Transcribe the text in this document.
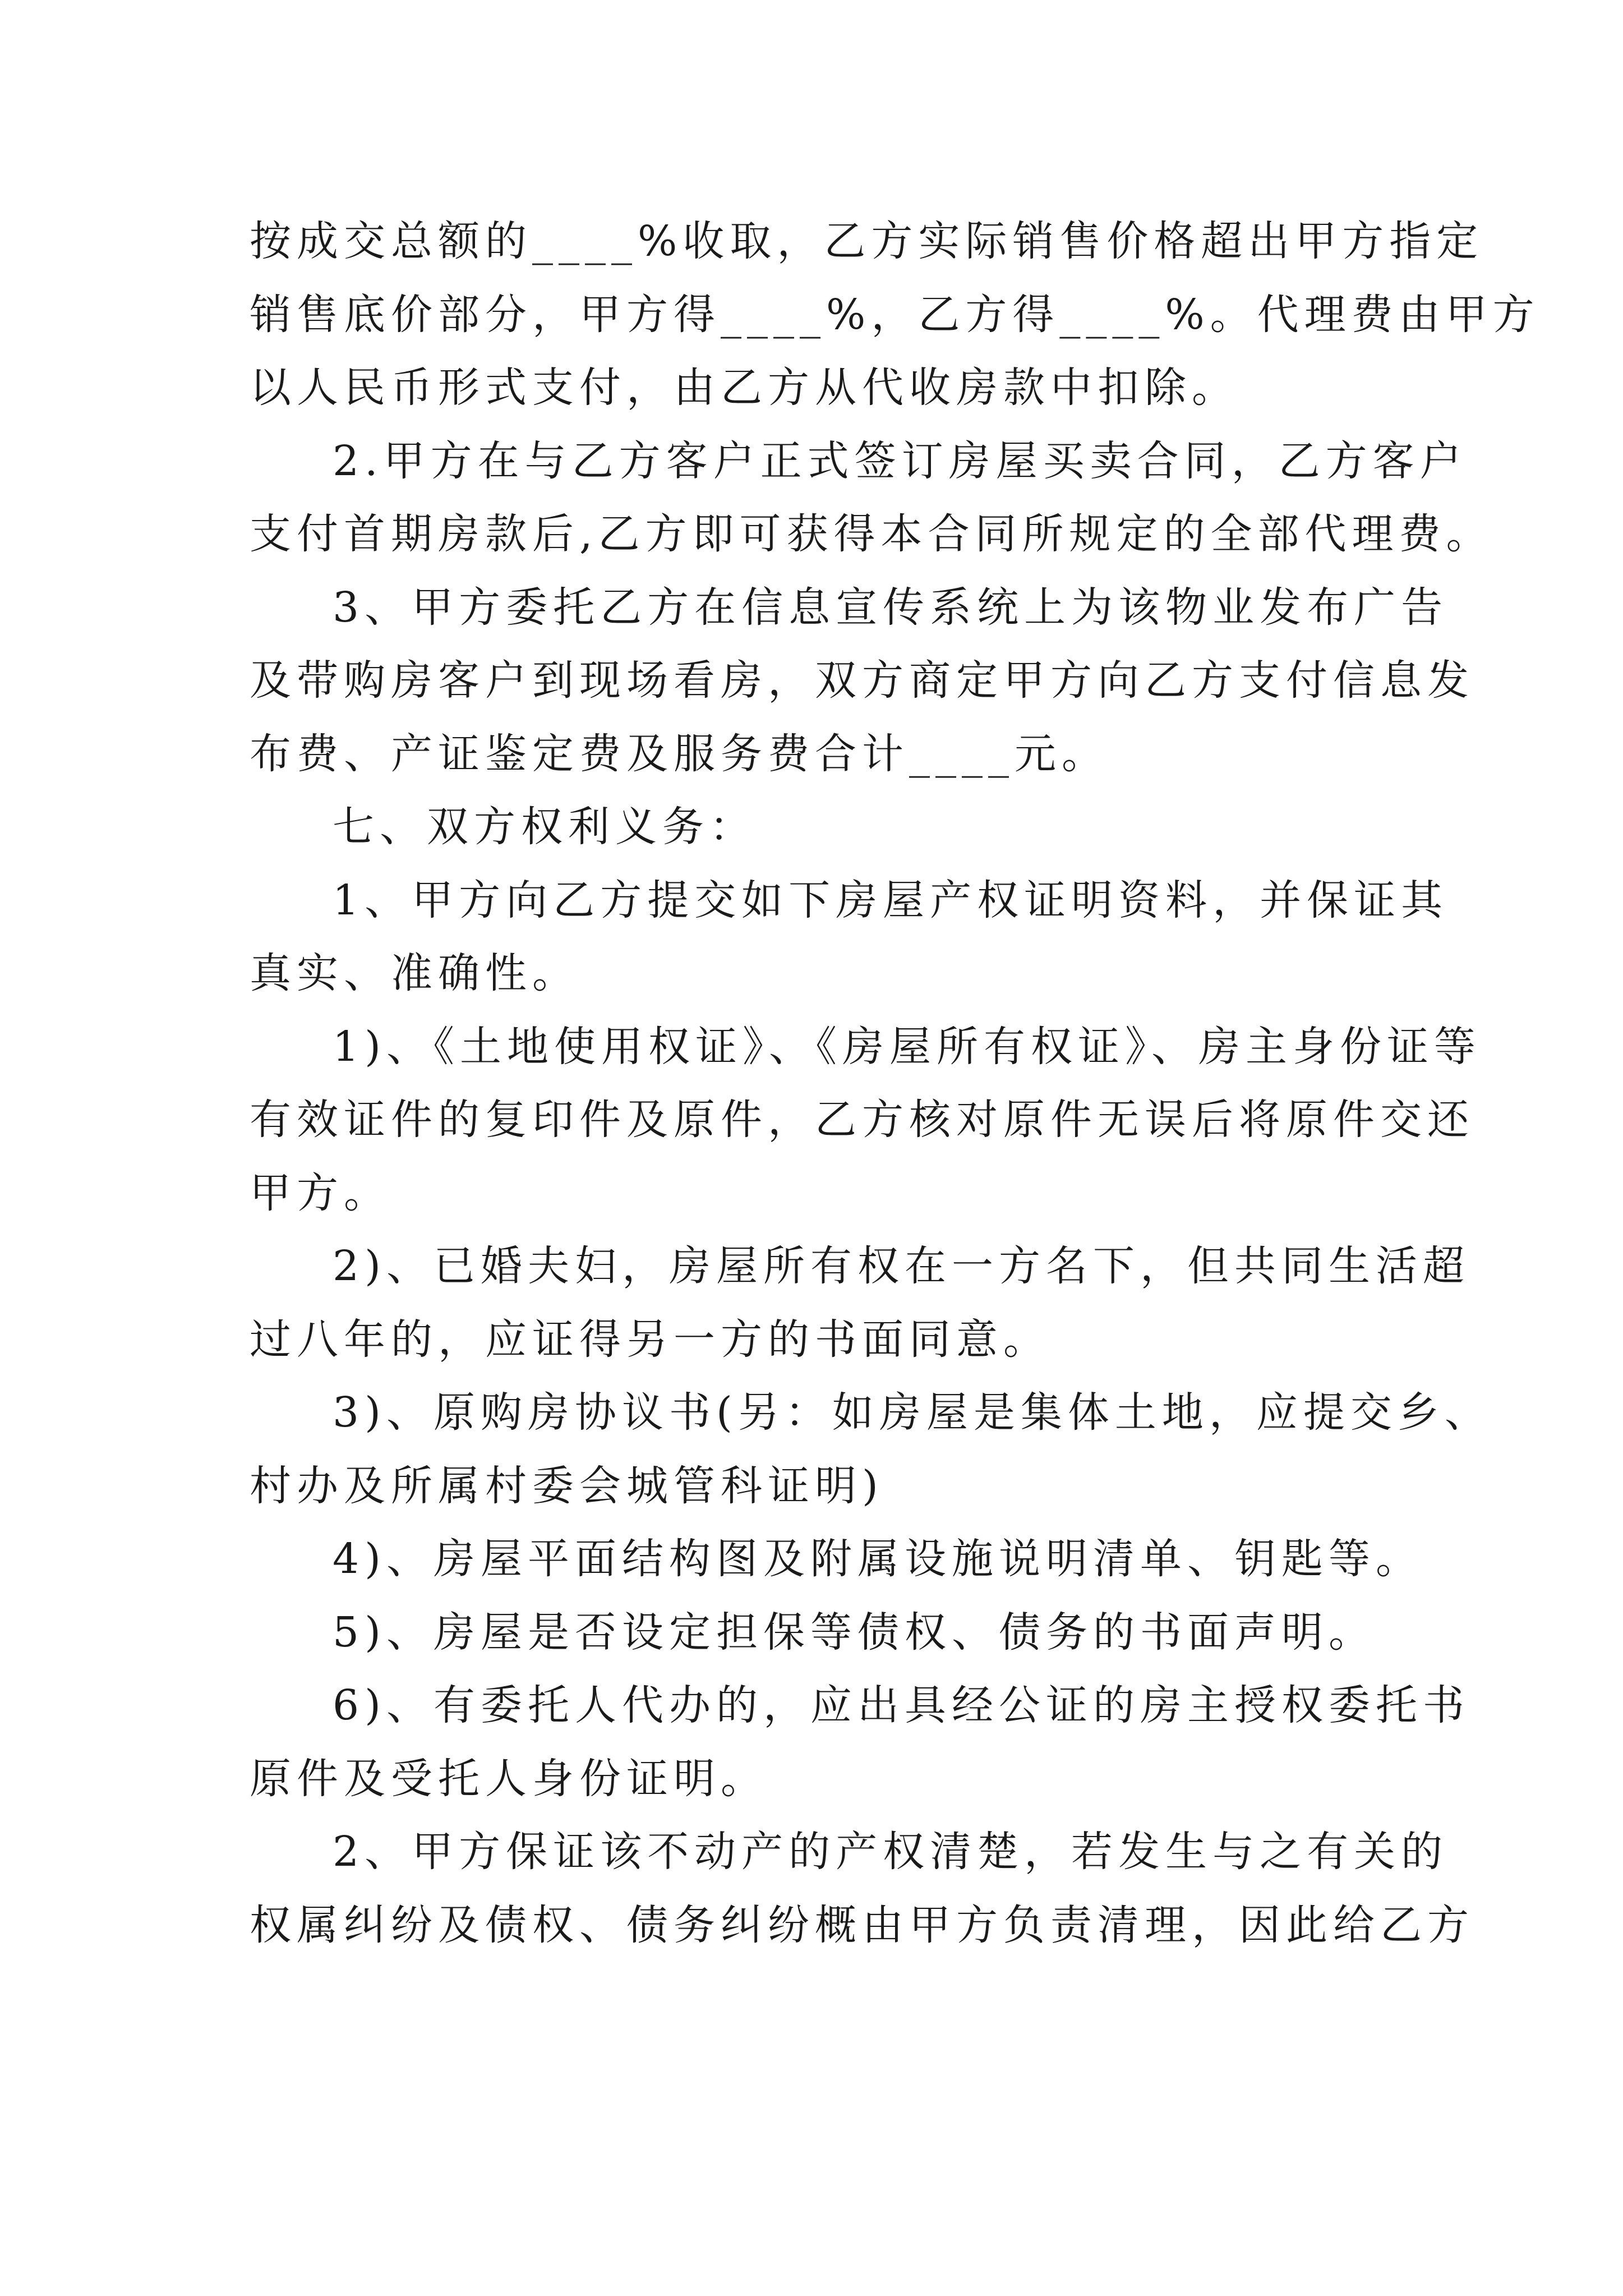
按成交总额的____%收取，乙方实际销售价格超出甲方指定
销售底价部分，甲方得____%，乙方得____%。代理费由甲方
以人民币形式支付，由乙方从代收房款中扣除。

2.甲方在与乙方客户正式签订房屋买卖合同，乙方客户
支付首期房款后,乙方即可获得本合同所规定的全部代理费。

3、甲方委托乙方在信息宣传系统上为该物业发布广告
及带购房客户到现场看房，双方商定甲方向乙方支付信息发
布费、产证鉴定费及服务费合计____元。

七、双方权利义务：

1、甲方向乙方提交如下房屋产权证明资料，并保证其
真实、准确性。

1)、《土地使用权证》、《房屋所有权证》、房主身份证等
有效证件的复印件及原件，乙方核对原件无误后将原件交还
甲方。

2)、已婚夫妇，房屋所有权在一方名下，但共同生活超
过八年的，应证得另一方的书面同意。

3)、原购房协议书(另：如房屋是集体土地，应提交乡、
村办及所属村委会城管科证明)

4)、房屋平面结构图及附属设施说明清单、钥匙等。

5)、房屋是否设定担保等债权、债务的书面声明。

6)、有委托人代办的，应出具经公证的房主授权委托书
原件及受托人身份证明。

2、甲方保证该不动产的产权清楚，若发生与之有关的
权属纠纷及债权、债务纠纷概由甲方负责清理，因此给乙方
